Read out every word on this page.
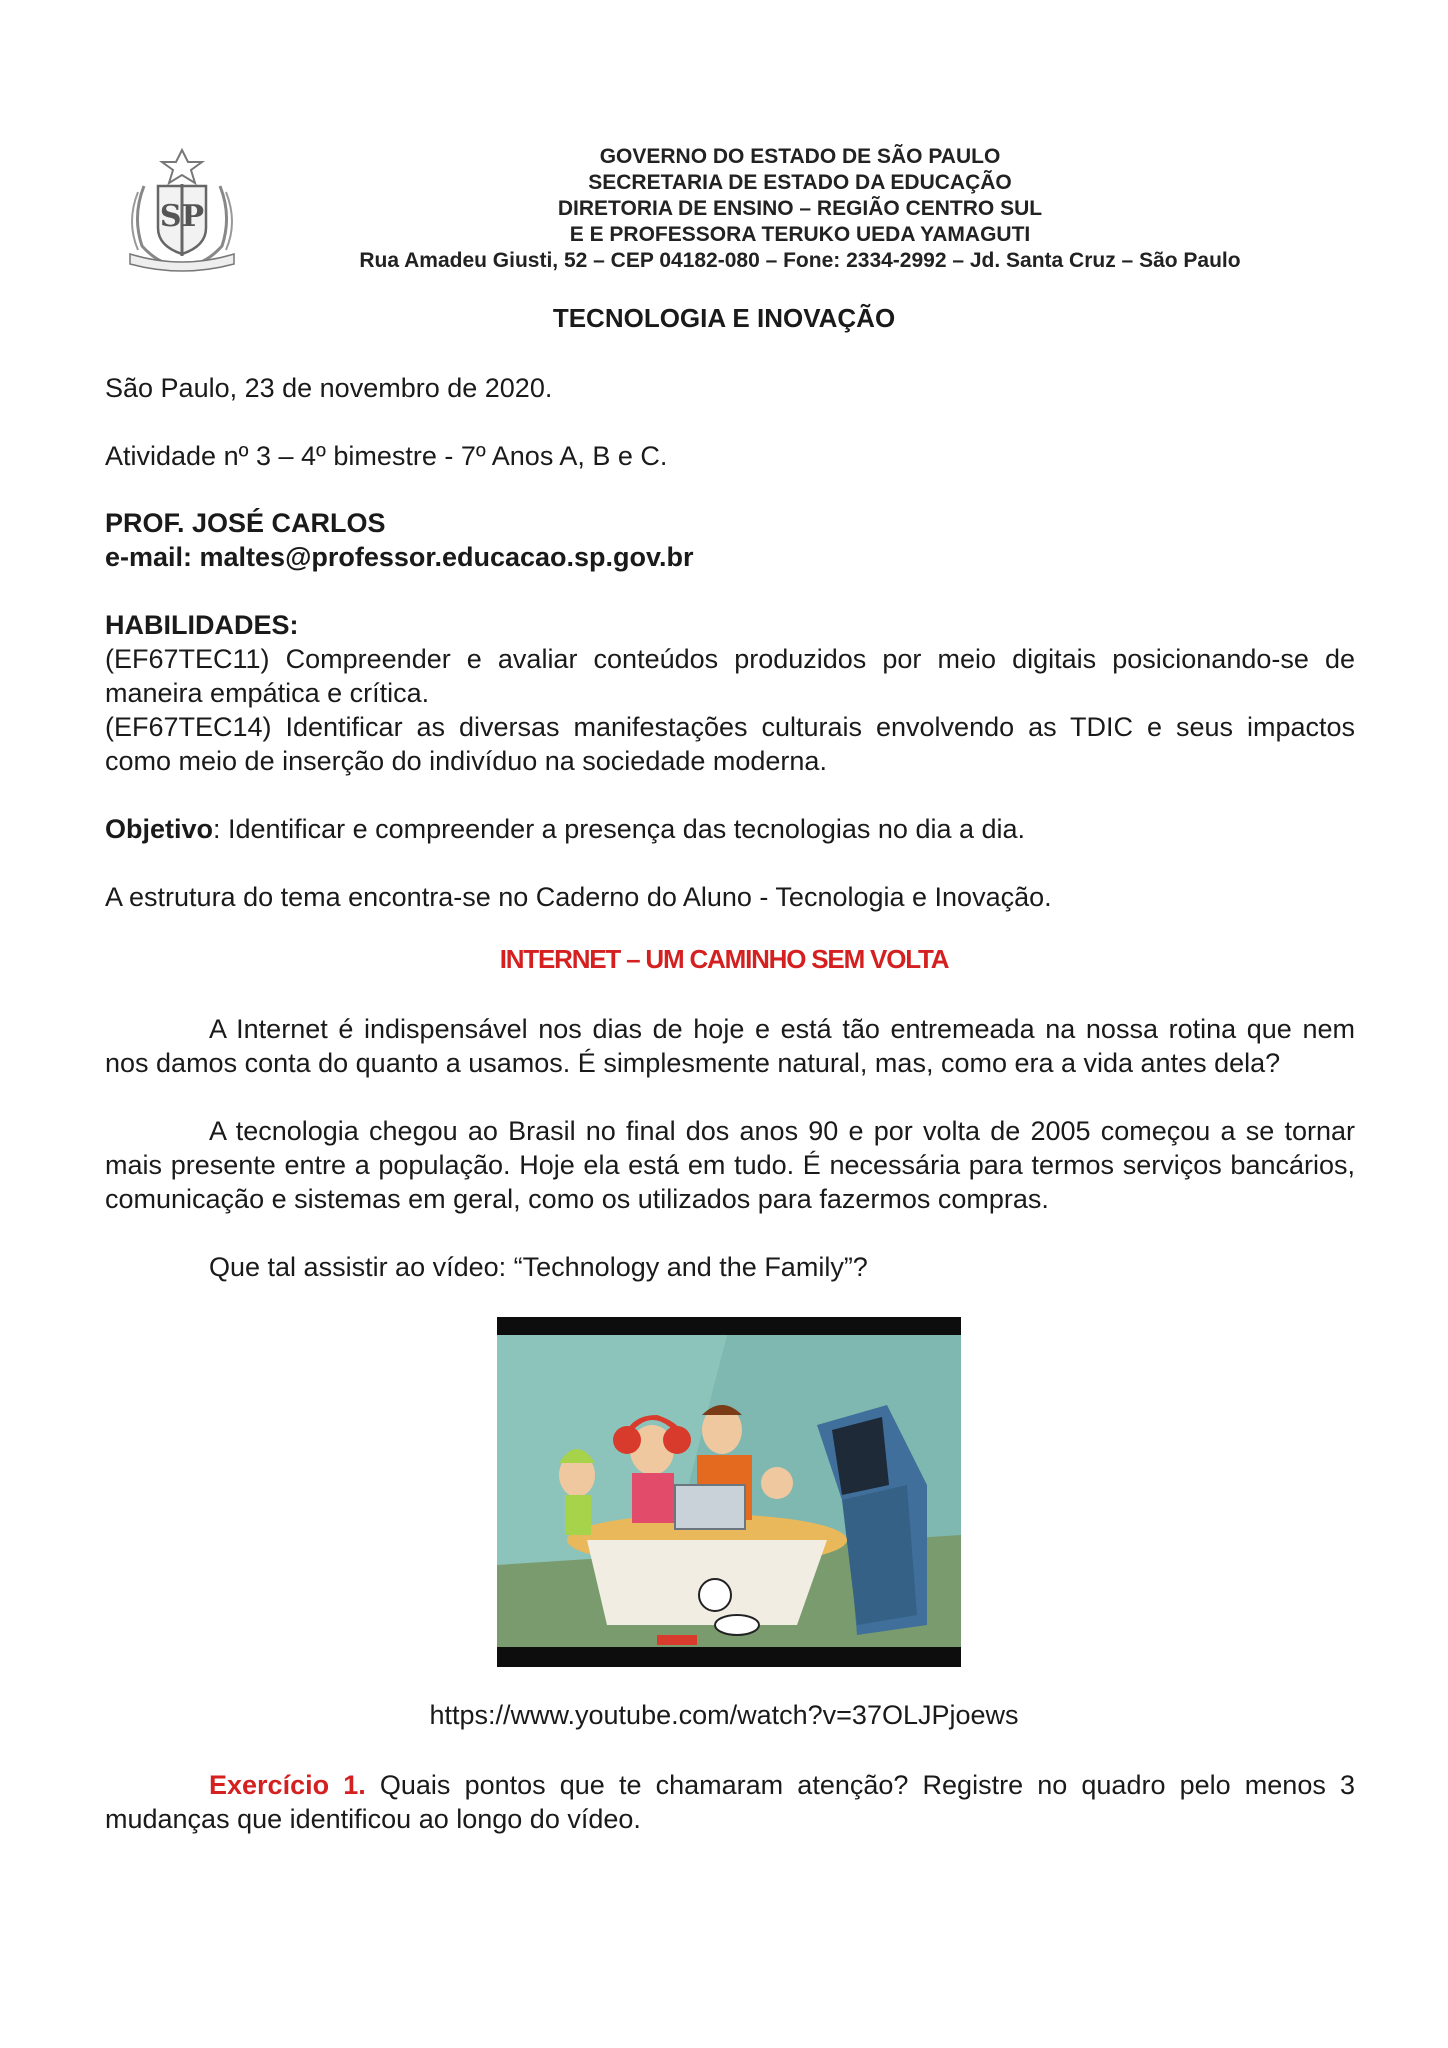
SP
GOVERNO DO ESTADO DE SÃO PAULO
SECRETARIA DE ESTADO DA EDUCAÇÃO
DIRETORIA DE ENSINO – REGIÃO CENTRO SUL
E E PROFESSORA TERUKO UEDA YAMAGUTI
Rua Amadeu Giusti, 52 – CEP 04182-080 – Fone: 2334-2992 – Jd. Santa Cruz – São Paulo
TECNOLOGIA E INOVAÇÃO
São Paulo, 23 de novembro de 2020.
Atividade nº 3 – 4º bimestre - 7º Anos A, B e C.
PROF. JOSÉ CARLOS
e-mail: maltes@professor.educacao.sp.gov.br
HABILIDADES:
(EF67TEC11) Compreender e avaliar conteúdos produzidos por meio digitais posicionando-se de maneira empática e crítica.
(EF67TEC14) Identificar as diversas manifestações culturais envolvendo as TDIC e seus impactos como meio de inserção do indivíduo na sociedade moderna.
Objetivo: Identificar e compreender a presença das tecnologias no dia a dia.
A estrutura do tema encontra-se no Caderno do Aluno - Tecnologia e Inovação.
INTERNET – UM CAMINHO SEM VOLTA
A Internet é indispensável nos dias de hoje e está tão entremeada na nossa rotina que nem nos damos conta do quanto a usamos. É simplesmente natural, mas, como era a vida antes dela?
A tecnologia chegou ao Brasil no final dos anos 90 e por volta de 2005 começou a se tornar mais presente entre a população. Hoje ela está em tudo. É necessária para termos serviços bancários, comunicação e sistemas em geral, como os utilizados para fazermos compras.
Que tal assistir ao vídeo: “Technology and the Family”?
https://www.youtube.com/watch?v=37OLJPjoews
Exercício 1. Quais pontos que te chamaram atenção? Registre no quadro pelo menos 3 mudanças que identificou ao longo do vídeo.
